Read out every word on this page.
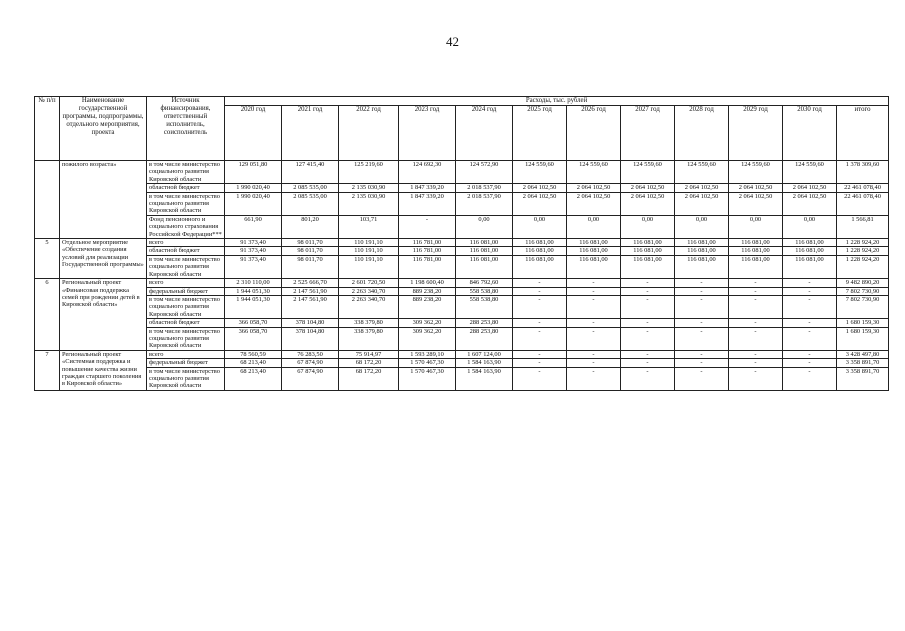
42
№ п/п	Наименование государственной программы, подпрограммы, отдельного мероприятия, проекта	Источник финансирования, ответственный исполнитель, соисполнитель	Расходы, тыс. рублей											
			2020 год	2021 год	2022 год	2023 год	2024 год	2025 год	2026 год	2027 год	2028 год	2029 год	2030 год	итого
	пожилого возраста»	в том числе министерство социального развития Кировской области	129 051,80	127 415,40	125 219,60	124 692,30	124 572,90	124 559,60	124 559,60	124 559,60	124 559,60	124 559,60	124 559,60	1 378 309,60
		областной бюджет	1 990 020,40	2 085 535,00	2 135 030,90	1 847 339,20	2 018 537,90	2 064 102,50	2 064 102,50	2 064 102,50	2 064 102,50	2 064 102,50	2 064 102,50	22 461 078,40
		в том числе министерство социального развития Кировской области	1 990 020,40	2 085 535,00	2 135 030,90	1 847 339,20	2 018 537,90	2 064 102,50	2 064 102,50	2 064 102,50	2 064 102,50	2 064 102,50	2 064 102,50	22 461 078,40
		Фонд пенсионного и социального страхования Российской Федерации***	661,90	801,20	103,71	-	0,00	0,00	0,00	0,00	0,00	0,00	0,00	1 566,81
5	Отдельное мероприятие «Обеспечение создания условий для реализации Государственной программы»	всего	91 373,40	98 011,70	110 191,10	116 781,00	116 081,00	116 081,00	116 081,00	116 081,00	116 081,00	116 081,00	116 081,00	1 228 924,20
		областной бюджет	91 373,40	98 011,70	110 191,10	116 781,00	116 081,00	116 081,00	116 081,00	116 081,00	116 081,00	116 081,00	116 081,00	1 228 924,20
		в том числе министерство социального развития Кировской области	91 373,40	98 011,70	110 191,10	116 781,00	116 081,00	116 081,00	116 081,00	116 081,00	116 081,00	116 081,00	116 081,00	1 228 924,20
6	Региональный проект «Финансовая поддержка семей при рождении детей в Кировской области»	всего	2 310 110,00	2 525 666,70	2 601 720,50	1 198 600,40	846 792,60	-	-	-	-	-	-	9 482 890,20
		федеральный бюджет	1 944 051,30	2 147 561,90	2 263 340,70	889 238,20	558 538,80	-	-	-	-	-	-	7 802 730,90
		в том числе министерство социального развития Кировской области	1 944 051,30	2 147 561,90	2 263 340,70	889 238,20	558 538,80	-	-	-	-	-	-	7 802 730,90
		областной бюджет	366 058,70	378 104,80	338 379,80	309 362,20	288 253,80	-	-	-	-	-	-	1 680 159,30
		в том числе министерство социального развития Кировской области	366 058,70	378 104,80	338 379,80	309 362,20	288 253,80	-	-	-	-	-	-	1 680 159,30
7	Региональный проект «Системная поддержка и повышение качества жизни граждан старшего поколения в Кировской области»	всего	78 560,59	76 283,50	75 914,97	1 593 289,10	1 607 124,00	-	-	-	-	-	-	3 428 497,80
		федеральный бюджет	68 213,40	67 874,90	68 172,20	1 570 467,30	1 584 163,90	-	-	-	-	-	-	3 358 891,70
		в том числе министерство социального развития Кировской области	68 213,40	67 874,90	68 172,20	1 570 467,30	1 584 163,90	-	-	-	-	-	-	3 358 891,70
